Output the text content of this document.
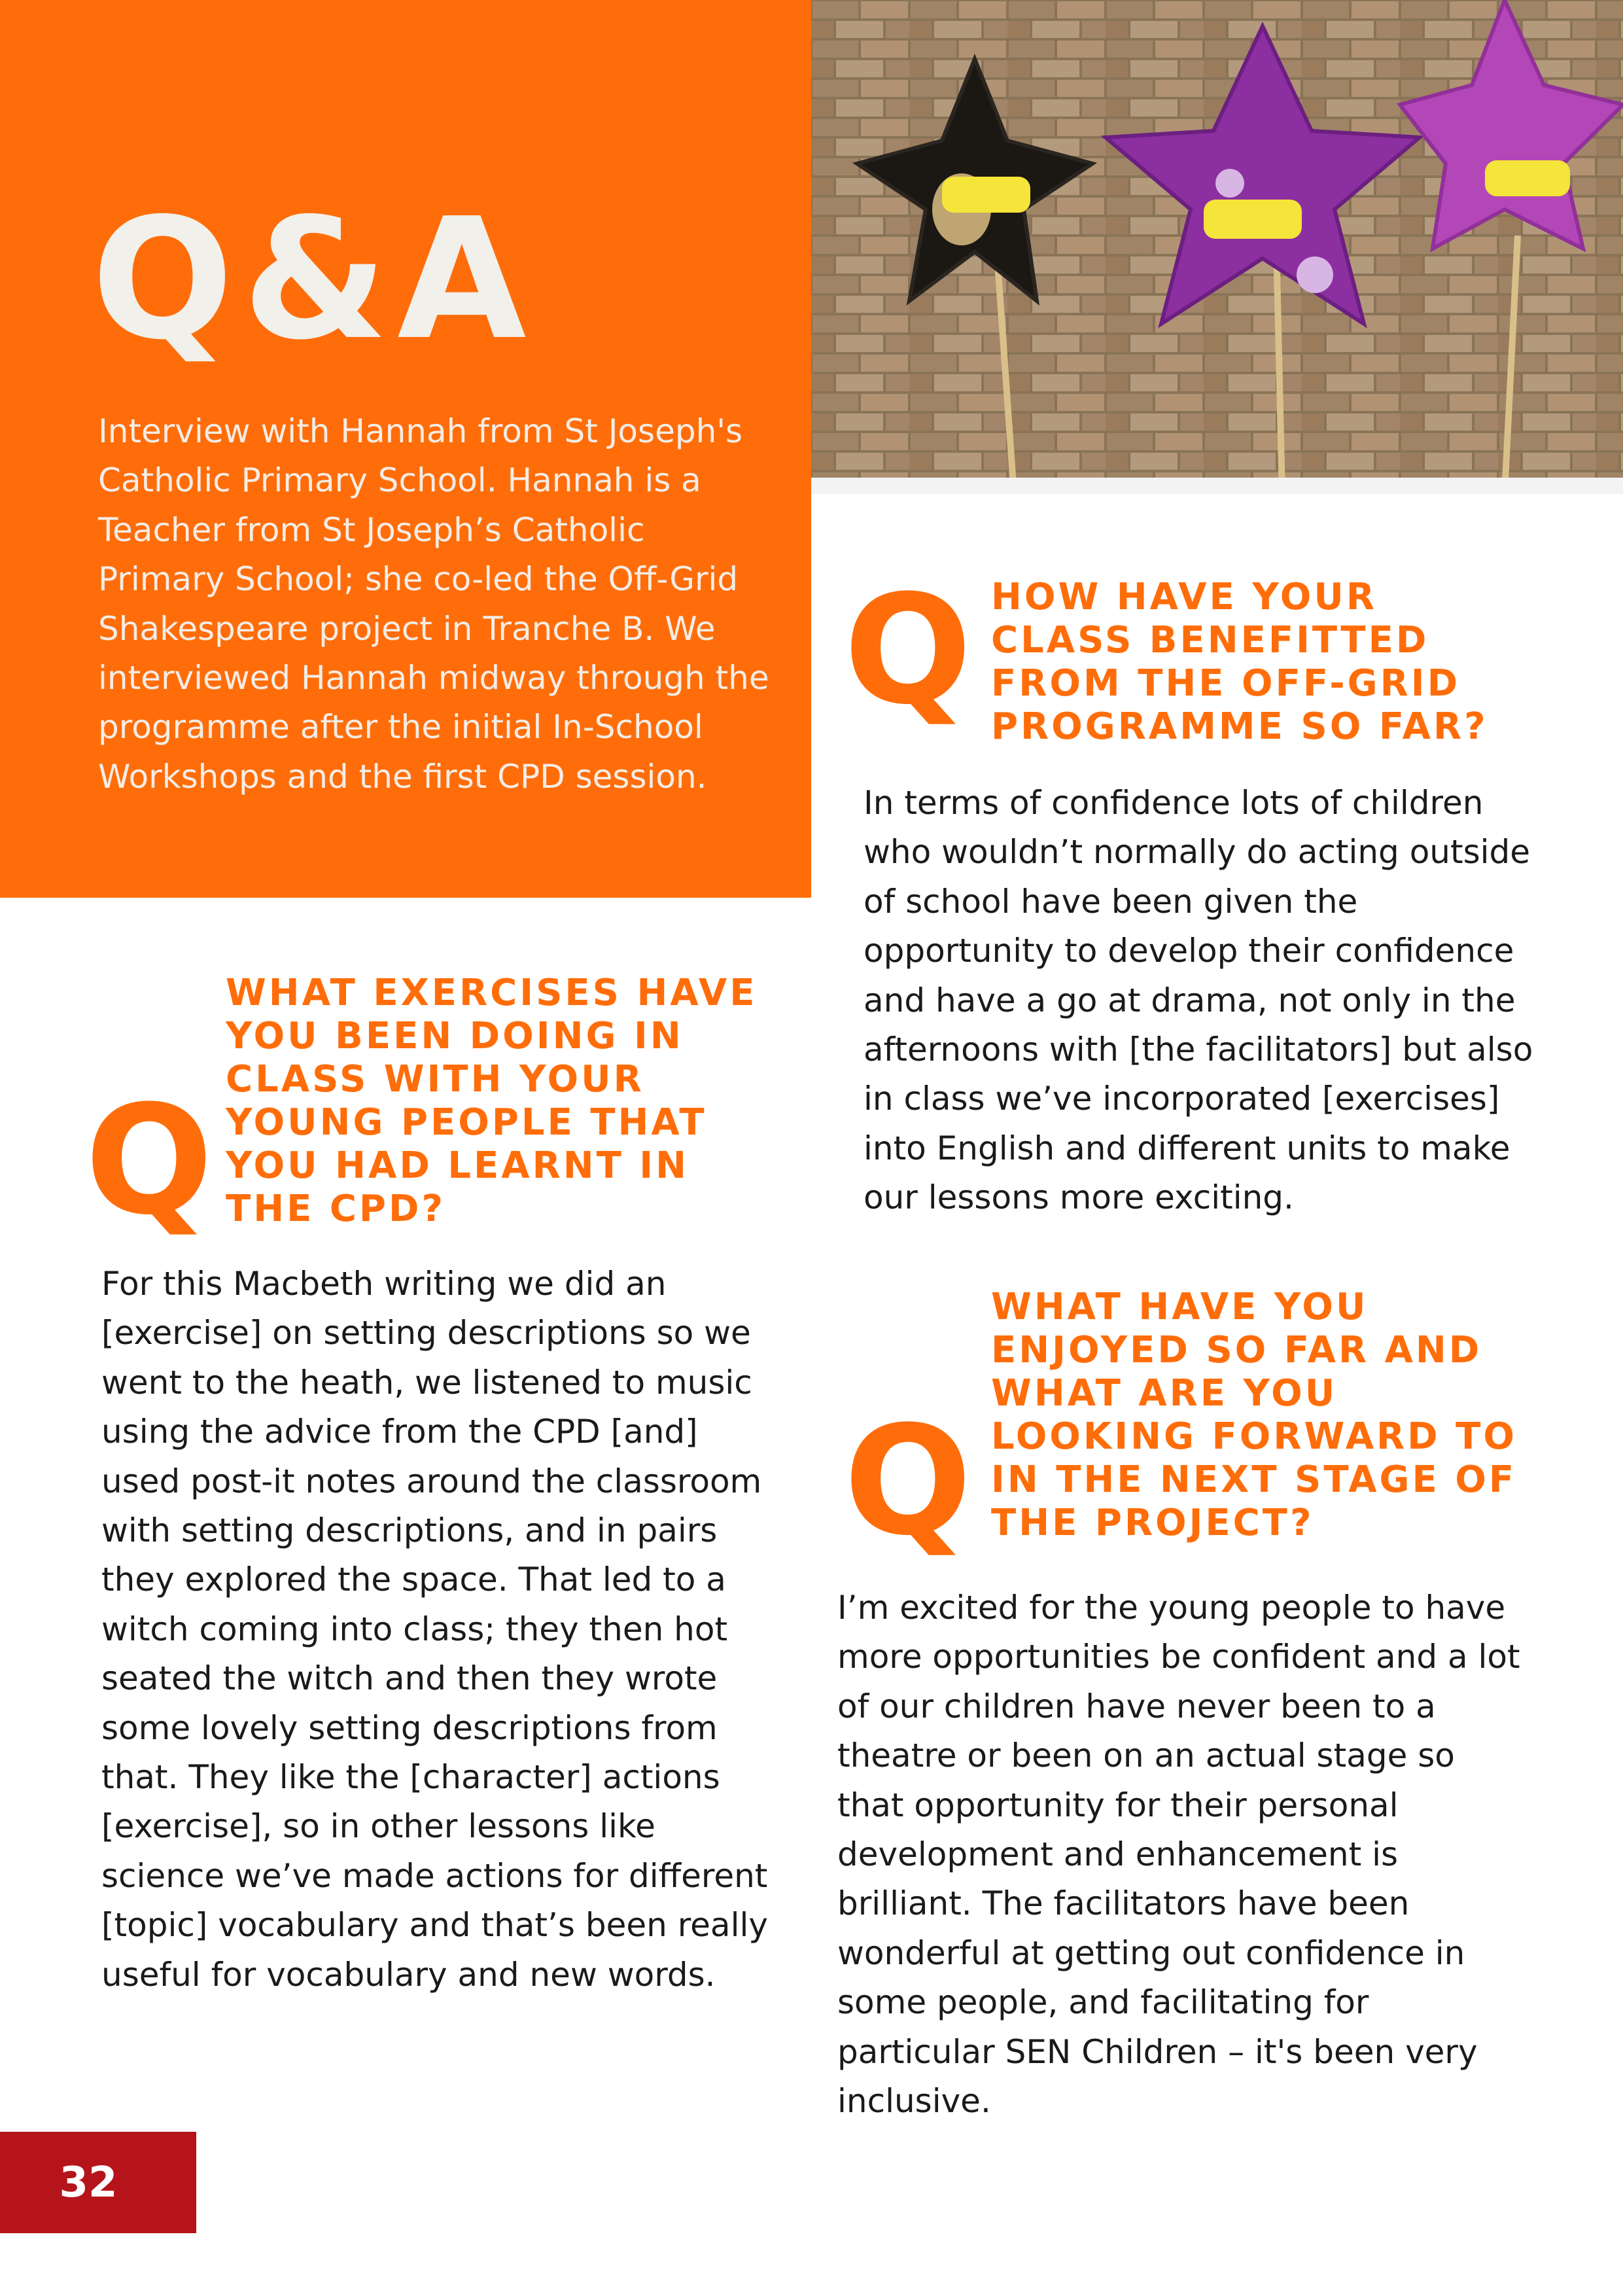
Q&A

Interview with Hannah from St Joseph's Catholic Primary School. Hannah is a Teacher from St Joseph’s Catholic Primary School; she co-led the Off-Grid Shakespeare project in Tranche B. We interviewed Hannah midway through the programme after the initial In-School Workshops and the first CPD session.

Q HOW HAVE YOUR CLASS BENEFITTED FROM THE OFF-GRID PROGRAMME SO FAR?

In terms of confidence lots of children who wouldn’t normally do acting outside of school have been given the opportunity to develop their confidence and have a go at drama, not only in the afternoons with [the facilitators] but also in class we’ve incorporated [exercises] into English and different units to make our lessons more exciting.

Q
WHAT EXERCISES HAVE YOU BEEN DOING IN CLASS WITH YOUR YOUNG PEOPLE THAT YOU HAD LEARNT IN THE CPD?

For this Macbeth writing we did an [exercise] on setting descriptions so we went to the heath, we listened to music using the advice from the CPD [and] used post-it notes around the classroom with setting descriptions, and in pairs they explored the space. That led to a witch coming into class; they then hot seated the witch and then they wrote some lovely setting descriptions from that. They like the [character] actions [exercise], so in other lessons like science we’ve made actions for different [topic] vocabulary and that’s been really useful for vocabulary and new words.

Q
WHAT HAVE YOU ENJOYED SO FAR AND WHAT ARE YOU LOOKING FORWARD TO IN THE NEXT STAGE OF THE PROJECT?

I’m excited for the young people to have more opportunities be confident and a lot of our children have never been to a theatre or been on an actual stage so that opportunity for their personal development and enhancement is brilliant. The facilitators have been wonderful at getting out confidence in some people, and facilitating for particular SEN Children – it's been very inclusive.

32
